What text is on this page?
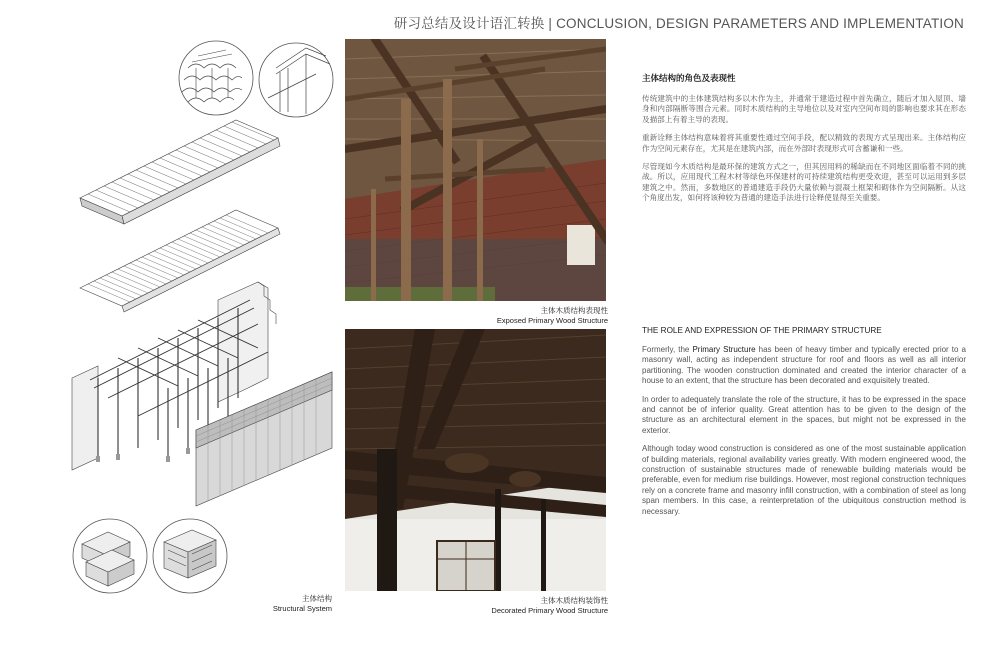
研习总结及设计语汇转换 | CONCLUSION, DESIGN PARAMETERS AND IMPLEMENTATION
主体结构
Structural System
主体木质结构表现性
Exposed Primary Wood Structure
主体木质结构装饰性
Decorated Primary Wood Structure
主体结构的角色及表现性

传统建筑中的主体建筑结构多以木作为主，并通常于建造过程中首先确立，随后才加入屋顶、墙身和内部隔断等围合元素。同时木质结构的主导地位以及对室内空间布局的影响也要求其在形态及描部上有着主导的表现。

重新诠释主体结构意味着将其重要性通过空间手段，配以精致的表现方式呈现出来。主体结构应作为空间元素存在，尤其是在建筑内部，而在外部时表现形式可含蓄谦和一些。

尽管现如今木质结构是最环保的建筑方式之一，但其因用料的稀缺而在不同地区面临着不同的挑战。所以，应用现代工程木材等绿色环保建材的可持续建筑结构更受欢迎，甚至可以运用到多层建筑之中。然而，多数地区的普通建造手段仍大量依赖与混凝土框架和砌体作为空间隔断。从这个角度出发，如何将该种较为普通的建造手法进行诠释使显得至关重要。

THE ROLE AND EXPRESSION OF THE PRIMARY STRUCTURE

Formerly, the Primary Structure has been of heavy timber and typically erected prior to a masonry wall, acting as independent structure for roof and floors as well as all interior partitioning. The wooden construction dominated and created the interior character of a house to an extent, that the structure has been decorated and exquisitely treated.

In order to adequately translate the role of the structure, it has to be expressed in the space and cannot be of inferior quality. Great attention has to be given to the design of the structure as an architectural element in the spaces, but might not be expressed in the exterior.

Although today wood construction is considered as one of the most sustainable application of building materials, regional availability varies greatly. With modern engineered wood, the construction of sustainable structures made of renewable building materials would be preferable, even for medium rise buildings. However, most regional construction techniques rely on a concrete frame and masonry infill construction, with a combination of steel as long span members. In this case, a reinterpretation of the ubiquitous construction method is necessary.
